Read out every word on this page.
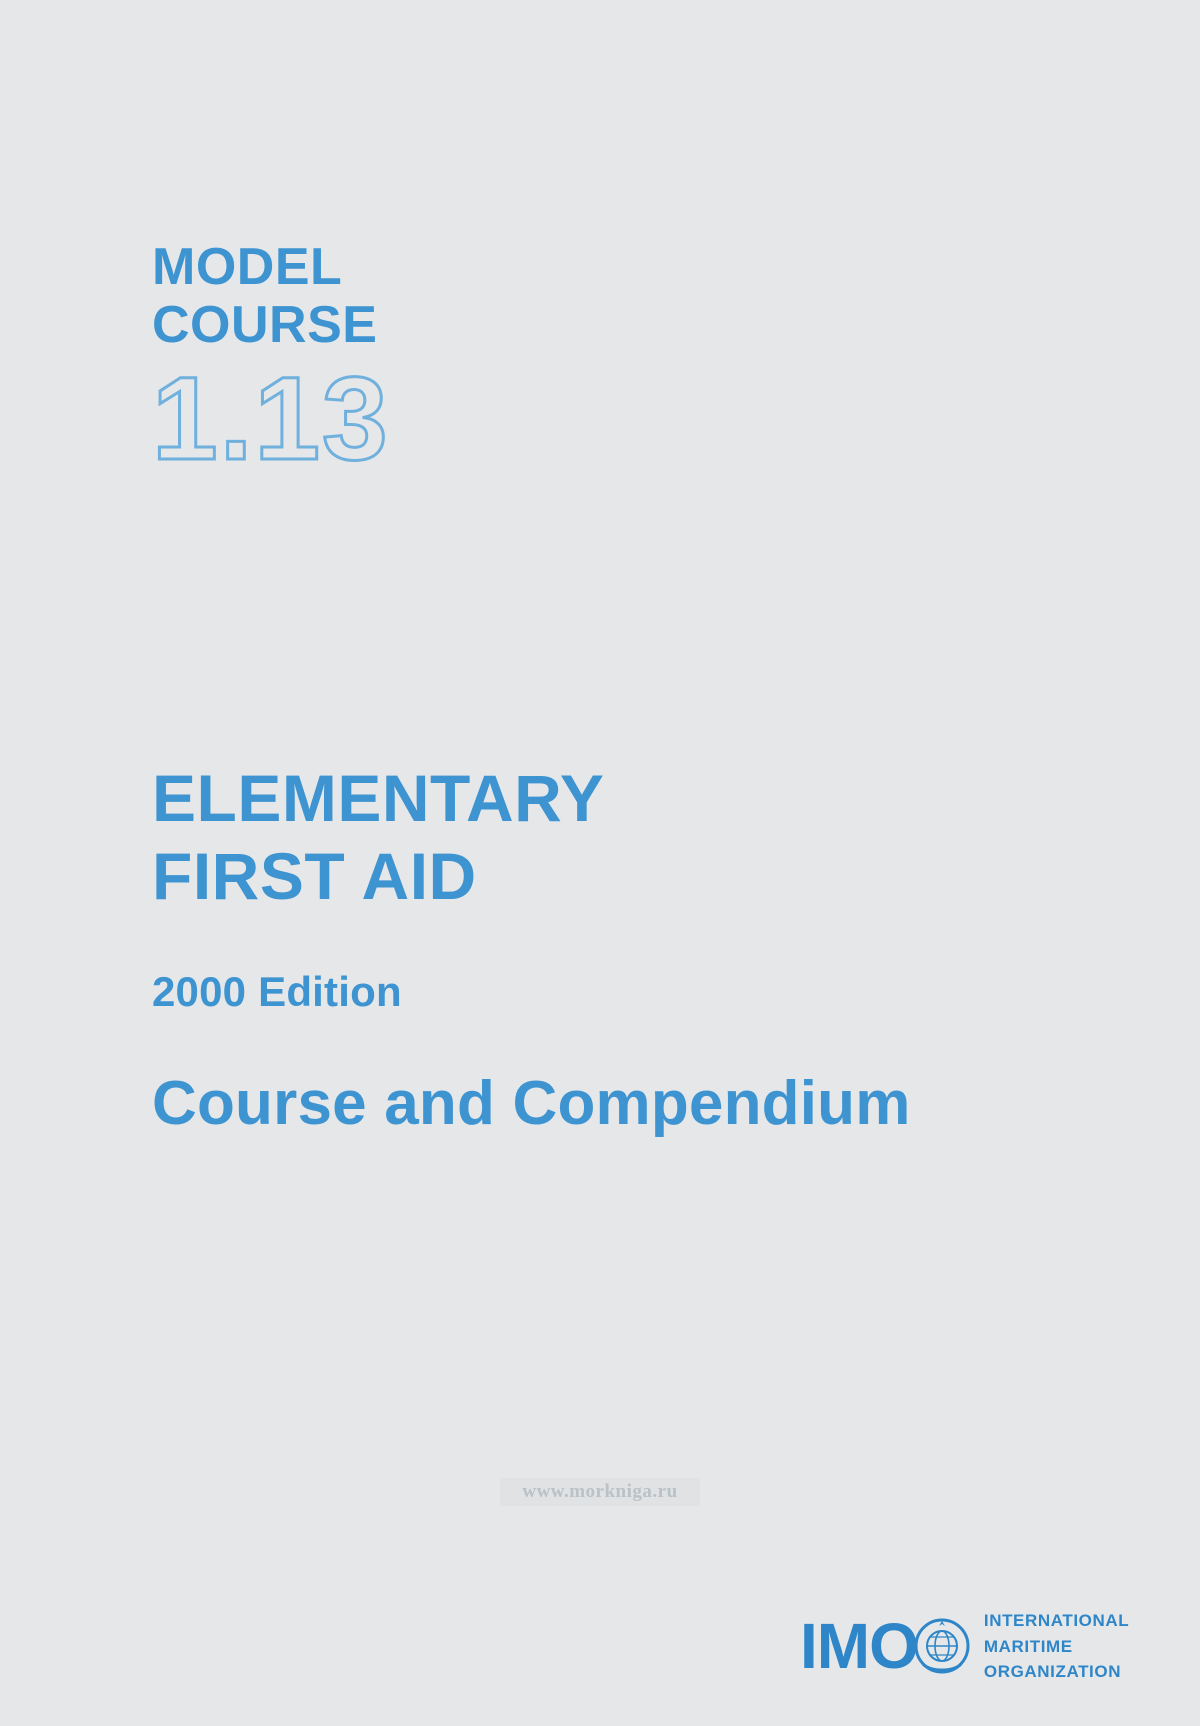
MODEL
COURSE
1.13
ELEMENTARY
FIRST AID
2000 Edition
Course and Compendium
www.morkniga.ru
IMO	INTERNATIONAL
MARITIME
ORGANIZATION
